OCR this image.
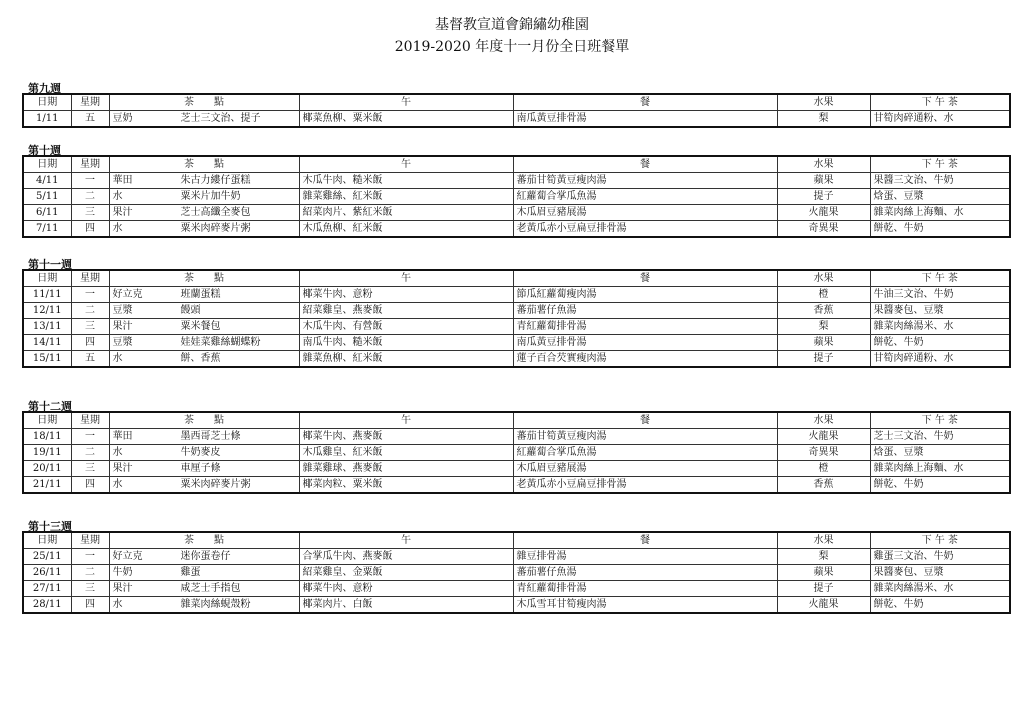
基督教宣道會錦繡幼稚園
2019-2020 年度十一月份全日班餐單
第九週
日期	星期	茶　　點	午	餐	水果	下 午 茶
1/11	五	豆奶 芝士三文治、提子	椰菜魚柳、粟米飯	南瓜黃豆排骨湯	梨	甘筍肉碎通粉、水
第十週
日期	星期	茶　　點	午	餐	水果	下 午 茶
4/11	一	華田 朱古力縷仔蛋糕	木瓜牛肉、糙米飯	蕃茄甘筍黃豆瘦肉湯	蘋果	果醬三文治、牛奶
5/11	二	水 粟米片加牛奶	雜菜雞絲、紅米飯	紅蘿蔔合掌瓜魚湯	提子	焓蛋、豆漿
6/11	三	果汁 芝士高纖全麥包	紹菜肉片、紫紅米飯	木瓜眉豆豬展湯	火龍果	雜菜肉絲上海麵、水
7/11	四	水 粟米肉碎麥片粥	木瓜魚柳、紅米飯	老黃瓜赤小豆扁豆排骨湯	奇異果	餅乾、牛奶
第十一週
日期	星期	茶　　點	午	餐	水果	下 午 茶
11/11	一	好立克 班蘭蛋糕	椰菜牛肉、意粉	節瓜紅蘿蔔瘦肉湯	橙	牛油三文治、牛奶
12/11	二	豆漿 饅頭	紹菜雞皇、燕麥飯	蕃茄薯仔魚湯	香蕉	果醬麥包、豆漿
13/11	三	果汁 粟米餐包	木瓜牛肉、有營飯	青紅蘿蔔排骨湯	梨	雜菜肉絲湯米、水
14/11	四	豆漿 娃娃菜雞絲蝴蝶粉	南瓜牛肉、糙米飯	南瓜黃豆排骨湯	蘋果	餅乾、牛奶
15/11	五	水 餅、香蕉	雜菜魚柳、紅米飯	蓮子百合芡實瘦肉湯	提子	甘筍肉碎通粉、水
第十二週
日期	星期	茶　　點	午	餐	水果	下 午 茶
18/11	一	華田 墨西哥芝士條	椰菜牛肉、燕麥飯	蕃茄甘筍黃豆瘦肉湯	火龍果	芝士三文治、牛奶
19/11	二	水 牛奶麥皮	木瓜雞皇、紅米飯	紅蘿蔔合掌瓜魚湯	奇異果	焓蛋、豆漿
20/11	三	果汁 車厘子條	雜菜雞球、燕麥飯	木瓜眉豆豬展湯	橙	雜菜肉絲上海麵、水
21/11	四	水 粟米肉碎麥片粥	椰菜肉粒、粟米飯	老黃瓜赤小豆扁豆排骨湯	香蕉	餅乾、牛奶
第十三週
日期	星期	茶　　點	午	餐	水果	下 午 茶
25/11	一	好立克 迷你蛋卷仔	合掌瓜牛肉、燕麥飯	雜豆排骨湯	梨	雞蛋三文治、牛奶
26/11	二	牛奶 雞蛋	紹菜雞皇、金粟飯	蕃茄薯仔魚湯	蘋果	果醬麥包、豆漿
27/11	三	果汁 咸芝士手指包	椰菜牛肉、意粉	青紅蘿蔔排骨湯	提子	雜菜肉絲湯米、水
28/11	四	水 雜菜肉絲蜆殼粉	椰菜肉片、白飯	木瓜雪耳甘筍瘦肉湯	火龍果	餅乾、牛奶
